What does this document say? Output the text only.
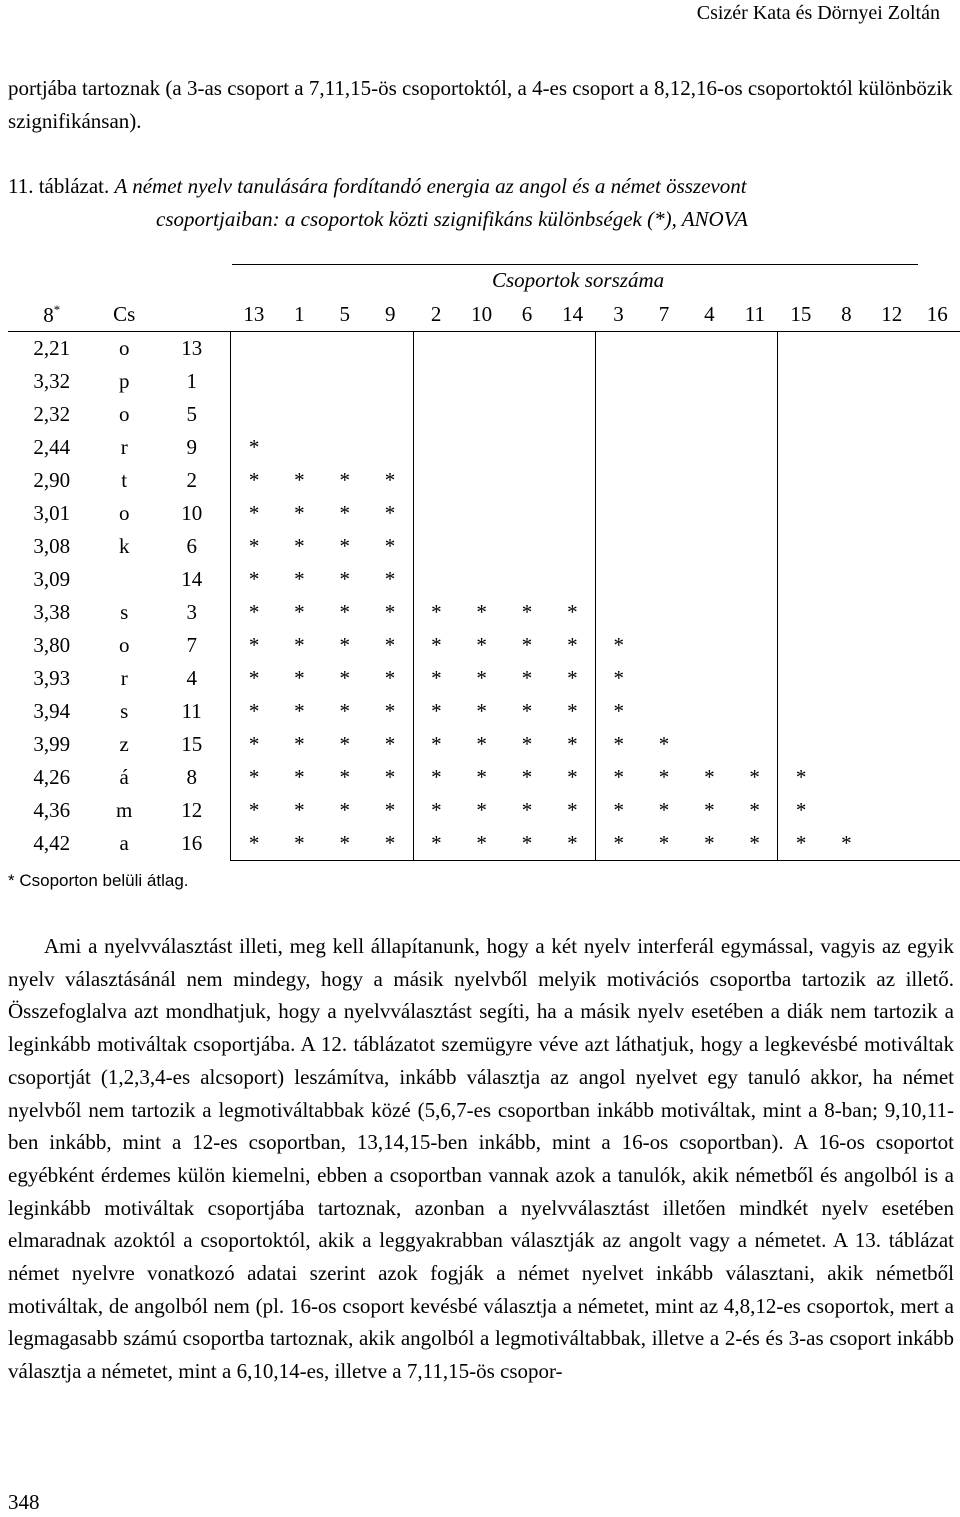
Csizér Kata és Dörnyei Zoltán
portjába tartoznak (a 3-as csoport a 7,11,15-ös csoportoktól, a 4-es csoport a 8,12,16-os csoportoktól különbözik szignifikánsan).
11. táblázat. A német nyelv tanulására fordítandó energia az angol és a német összevont
csoportjaiban: a csoportok közti szignifikáns különbségek (*), ANOVA
Csoportok sorszáma
8*	Cs		13	1	5	9	2	10	6	14	3	7	4	11	15	8	12	16
2,21	o	13																
3,32	p	1																
2,32	o	5																
2,44	r	9	*															
2,90	t	2	*	*	*	*												
3,01	o	10	*	*	*	*												
3,08	k	6	*	*	*	*												
3,09		14	*	*	*	*												
3,38	s	3	*	*	*	*	*	*	*	*								
3,80	o	7	*	*	*	*	*	*	*	*	*							
3,93	r	4	*	*	*	*	*	*	*	*	*							
3,94	s	11	*	*	*	*	*	*	*	*	*							
3,99	z	15	*	*	*	*	*	*	*	*	*	*						
4,26	á	8	*	*	*	*	*	*	*	*	*	*	*	*	*			
4,36	m	12	*	*	*	*	*	*	*	*	*	*	*	*	*			
4,42	a	16	*	*	*	*	*	*	*	*	*	*	*	*	*	*		
* Csoporton belüli átlag.

Ami a nyelvválasztást illeti, meg kell állapítanunk, hogy a két nyelv interferál egymással, vagyis az egyik nyelv választásánál nem mindegy, hogy a másik nyelvből melyik motivációs csoportba tartozik az illető. Összefoglalva azt mondhatjuk, hogy a nyelvválasztást segíti, ha a másik nyelv esetében a diák nem tartozik a leginkább motiváltak csoportjába. A 12. táblázatot szemügyre véve azt láthatjuk, hogy a legkevésbé motiváltak csoportját (1,2,3,4-es alcsoport) leszámítva, inkább választja az angol nyelvet egy tanuló akkor, ha német nyelvből nem tartozik a legmotiváltabbak közé (5,6,7-es csoportban inkább motiváltak, mint a 8-ban; 9,10,11-ben inkább, mint a 12-es csoportban, 13,14,15-ben inkább, mint a 16-os csoportban). A 16-os csoportot egyébként érdemes külön kiemelni, ebben a csoportban vannak azok a tanulók, akik németből és angolból is a leginkább motiváltak csoportjába tartoznak, azonban a nyelvválasztást illetően mindkét nyelv esetében elmaradnak azoktól a csoportoktól, akik a leggyakrabban választják az angolt vagy a németet. A 13. táblázat német nyelvre vonatkozó adatai szerint azok fogják a német nyelvet inkább választani, akik németből motiváltak, de angolból nem (pl. 16-os csoport kevésbé választja a németet, mint az 4,8,12-es csoportok, mert a legmagasabb számú csoportba tartoznak, akik angolból a legmotiváltabbak, illetve a 2-és és 3-as csoport inkább választja a németet, mint a 6,10,14-es, illetve a 7,11,15-ös csopor-

348
